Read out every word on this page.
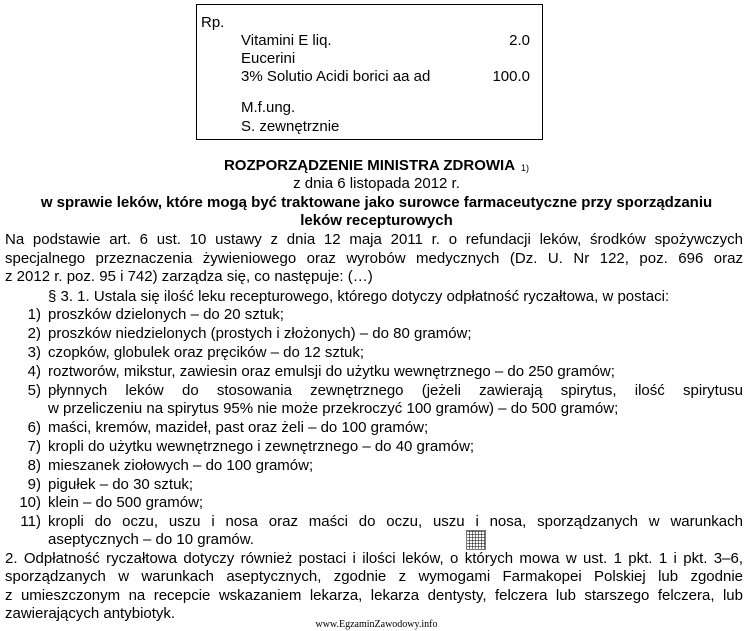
Rp.
Vitamini E liq.	2.0
Eucerini
3% Solutio Acidi borici aa ad	100.0
M.f.ung.
S. zewnętrznie
ROZPORZĄDZENIE MINISTRA ZDROWIA 1)
z dnia 6 listopada 2012 r.
w sprawie leków, które mogą być traktowane jako surowce farmaceutyczne przy sporządzaniu
leków recepturowych
Na podstawie art. 6 ust. 10 ustawy z dnia 12 maja 2011 r. o refundacji leków, środków spożywczych
specjalnego przeznaczenia żywieniowego oraz wyrobów medycznych (Dz. U. Nr 122, poz. 696 oraz
z 2012 r. poz. 95 i 742) zarządza się, co następuje: (…)
§ 3. 1. Ustala się ilość leku recepturowego, którego dotyczy odpłatność ryczałtowa, w postaci:
1) proszków dzielonych – do 20 sztuk;
2) proszków niedzielonych (prostych i złożonych) – do 80 gramów;
3) czopków, globulek oraz pręcików – do 12 sztuk;
4) roztworów, mikstur, zawiesin oraz emulsji do użytku wewnętrznego – do 250 gramów;
5) płynnych leków do stosowania zewnętrznego (jeżeli zawierają spirytus, ilość spirytusu
w przeliczeniu na spirytus 95% nie może przekroczyć 100 gramów) – do 500 gramów;
6) maści, kremów, mazideł, past oraz żeli – do 100 gramów;
7) kropli do użytku wewnętrznego i zewnętrznego – do 40 gramów;
8) mieszanek ziołowych – do 100 gramów;
9) pigułek – do 30 sztuk;
10) klein – do 500 gramów;
11) kropli do oczu, uszu i nosa oraz maści do oczu, uszu i nosa, sporządzanych w warunkach
aseptycznych – do 10 gramów.
2. Odpłatność ryczałtowa dotyczy również postaci i ilości leków, o których mowa w ust. 1 pkt. 1 i pkt. 3–6,
sporządzanych w warunkach aseptycznych, zgodnie z wymogami Farmakopei Polskiej lub zgodnie
z umieszczonym na recepcie wskazaniem lekarza, lekarza dentysty, felczera lub starszego felczera, lub
zawierających antybiotyk.
www.EgzaminZawodowy.info
